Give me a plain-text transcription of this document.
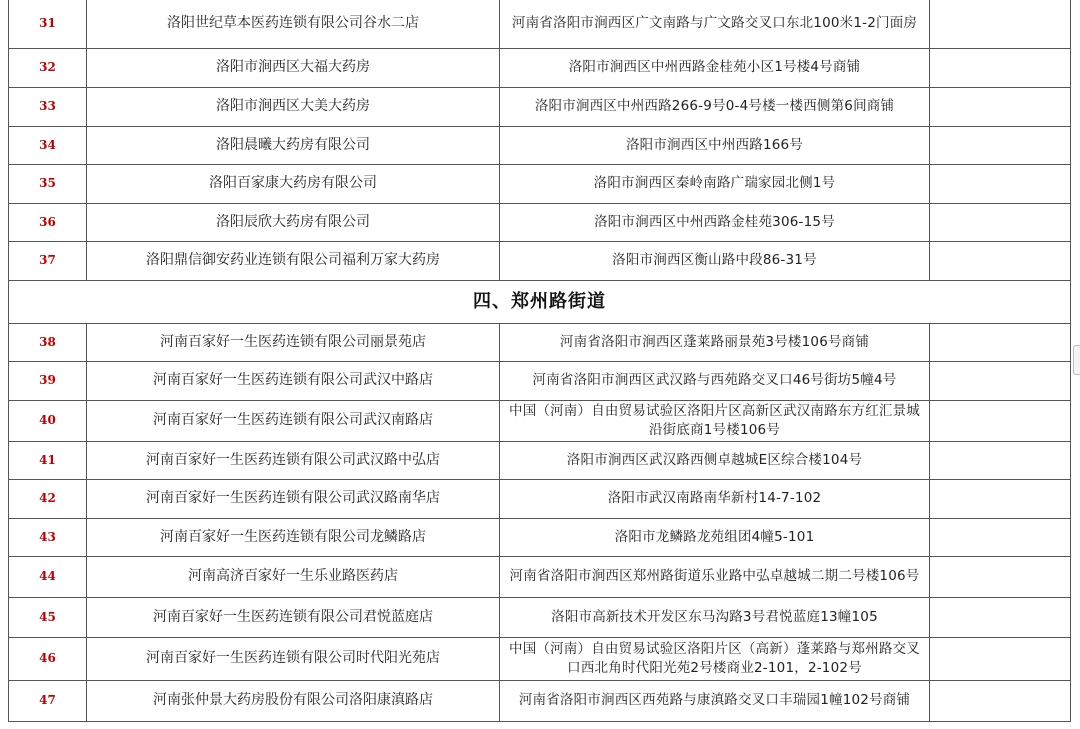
31	洛阳世纪草本医药连锁有限公司谷水二店	河南省洛阳市涧西区广文南路与广文路交叉口东北100米1-2门面房	
32	洛阳市涧西区大福大药房	洛阳市涧西区中州西路金桂苑小区1号楼4号商铺	
33	洛阳市涧西区大美大药房	洛阳市涧西区中州西路266-9号0-4号楼一楼西侧第6间商铺	
34	洛阳晨曦大药房有限公司	洛阳市涧西区中州西路166号	
35	洛阳百家康大药房有限公司	洛阳市涧西区秦岭南路广瑞家园北侧1号	
36	洛阳辰欣大药房有限公司	洛阳市涧西区中州西路金桂苑306-15号	
37	洛阳鼎信御安药业连锁有限公司福利万家大药房	洛阳市涧西区衡山路中段86-31号	
四、郑州路街道			
38	河南百家好一生医药连锁有限公司丽景苑店	河南省洛阳市涧西区蓬莱路丽景苑3号楼106号商铺	
39	河南百家好一生医药连锁有限公司武汉中路店	河南省洛阳市涧西区武汉路与西苑路交叉口46号街坊5幢4号	
40	河南百家好一生医药连锁有限公司武汉南路店	中国（河南）自由贸易试验区洛阳片区高新区武汉南路东方红汇景城沿街底商1号楼106号	
41	河南百家好一生医药连锁有限公司武汉路中弘店	洛阳市涧西区武汉路西侧卓越城E区综合楼104号	
42	河南百家好一生医药连锁有限公司武汉路南华店	洛阳市武汉南路南华新村14-7-102	
43	河南百家好一生医药连锁有限公司龙鳞路店	洛阳市龙鳞路龙苑组团4幢5-101	
44	河南高济百家好一生乐业路医药店	河南省洛阳市涧西区郑州路街道乐业路中弘卓越城二期二号楼106号	
45	河南百家好一生医药连锁有限公司君悦蓝庭店	洛阳市高新技术开发区东马沟路3号君悦蓝庭13幢105	
46	河南百家好一生医药连锁有限公司时代阳光苑店	中国（河南）自由贸易试验区洛阳片区（高新）蓬莱路与郑州路交叉口西北角时代阳光苑2号楼商业2-101，2-102号	
47	河南张仲景大药房股份有限公司洛阳康滇路店	河南省洛阳市涧西区西苑路与康滇路交叉口丰瑞园1幢102号商铺	
